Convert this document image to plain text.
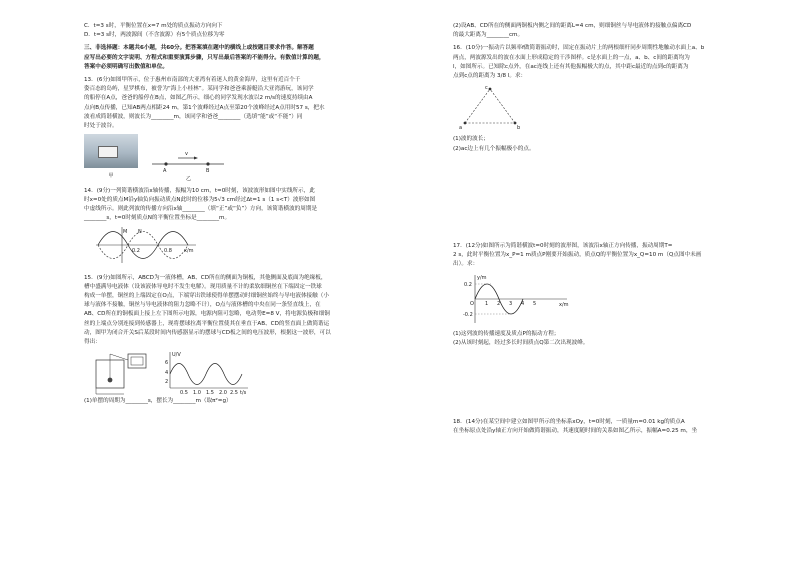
C．t=3 s时，平衡位置在x=7 m处的质点振动方向向下

D．t=3 s时，两波源间（不含波源）有5个质点位移为零

三、非选择题：本题共6小题，共60分。把答案填在题中的横线上或按题目要求作答。解答题

应写出必要的文字说明、方程式和重要演算步骤，只写出最后答案的不能得分。有数值计算的题，

答案中必须明确写出数值和单位。

13．(6分)如图甲所示，位于惠州市南部的大亚湾有着迷人的黄金海岸，这里有近百个千

姿百态的岛屿，星罗棋布，被誉为“海上小桂林”。某同学和爸爸乘游艇沿大亚湾游玩，该同学

的船停在A点，爸爸的船停在B点，如图乙所示，细心的同学发现水波以2 m/s的速度持续由A

点向B点传播，已知AB两点相距24 m，第1个波峰经过A点至第20个波峰经过A点用时57 s，把水

波看成简谐横波，则波长为________m，该同学和爸爸________（选填“能”或“不能”）同

时处于波谷。

甲
A	B
v
乙

14．(9分)一列简谐横波沿x轴传播，振幅为10 cm，t=0时刻，该波波形如图中实线所示，此

时x=0处的质点M沿y轴负向振动质点N此时的位移为5√3 cm经过Δt=1 s（1 s<T）波形如图

中虚线所示。则此列波的传播方向沿x轴________（填“正”或“负”）方向，该简谐横波的周期是

________s，t=0时刻质点N的平衡位置坐标是________m。

M N
0.2	0.8 x/m

15．(9分)如图所示，ABCD为一液体槽，AB、CD所在的侧面为铜板，其他侧面及底面为绝缘板，

槽中盛满导电液体（设该液体导电时不发生电解）。现用质量不计的柔软细铜丝在下端固定一铁球

构成一单摆，铜丝的上端固定在O点，下端穿出铁球使得单摆摆动时细铜丝始终与导电液体接触（小

球与液体不接触，铜丝与导电液体的阻力忽略不计），O点与液体槽的中央在同一条竖直线上，在

AB、CD所在的铜板面上接上左下图所示电源，电源内阻可忽略，电动势E=8 V，将电源负极和细铜

丝的上端点分别连接到传感器上，现将摆球拉离平衡位置使其在垂直于AB、CD的竖直面上做简谐运

动，图甲为闭合开关S后某段时间内传感器显示的摆球与CD板之间的电压波形，根据这一波形，可以

得出：

U/V
t/s
6
4
2
0.5 1.0 1.5 2.0 2.5

(1)单摆的周期为________s，摆长为________m（取π²=g）

(2)设AB、CD所在的侧面两铜板内侧之间的距离L=4 cm，则细铜丝与导电液体的接触点偏离CD

的最大距离为________cm。

16．(10分)一振动片以频率f做简谐振动时，固定在振动片上的两根细杆同步周期性地触动水面上a、b

两点，两波源发出的波在水面上形成稳定的干涉图样。c是水面上的一点，a、b、c间的距离均为

l，如图所示。已知除c点外，在ac连线上还有其他振幅极大的点，其中距c最近的点到c的距离为

点到c点的距离为 3/8 l。求：

a	b
c

(1)波的波长；

(2)ac边上有几个振幅极小的点。

17．(12分)如图所示为简谐横波t=0时刻的波形图，该波沿x轴正方向传播，振动周期T=

2 s，此时平衡位置为x_P=1 m质点P刚要开始振动，质点Q的平衡位置为x_Q=10 m（Q点图中未画

出）。求：

y/m
x/m
0.2
-0.2
O 1 2 3 4 5

(1)这列波的传播速度及质点P的振动方程；

(2)从该时刻起，经过多长时间质点Q第二次出现波峰。

18．(14分)在某空间中建立如图甲所示的坐标系xOy，t=0时刻，一质量m=0.01 kg的质点A

在坐标原点处沿y轴正方向开始做简谐振动，其速度随时间的关系如图乙所示，振幅A=0.25 m，坐
